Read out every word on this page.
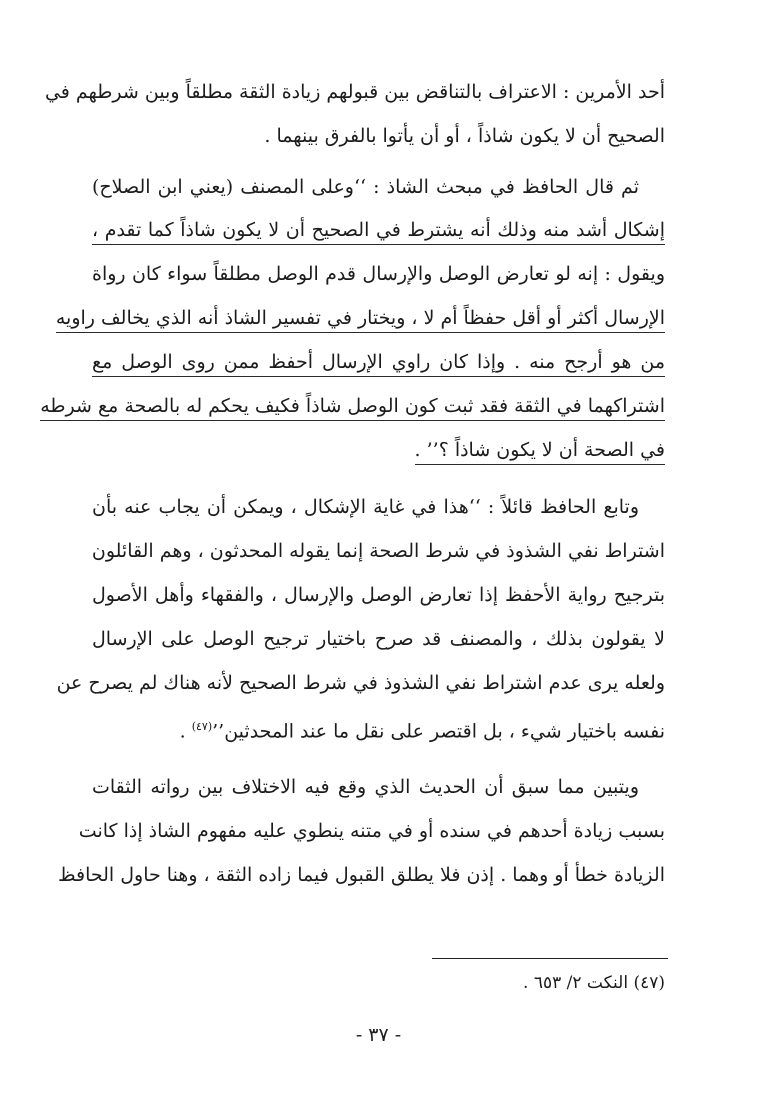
أحد الأمرين : الاعتراف بالتناقض بين قبولهم زيادة الثقة مطلقاً وبين شرطهم في
الصحيح أن لا يكون شاذاً ، أو أن يأتوا بالفرق بينهما .
ثم قال الحافظ في مبحث الشاذ : ‘‘وعلى المصنف (يعني ابن الصلاح)
إشكال أشد منه وذلك أنه يشترط في الصحيح أن لا يكون شاذاً كما تقدم ،
ويقول : إنه لو تعارض الوصل والإرسال قدم الوصل مطلقاً سواء كان رواة
الإرسال أكثر أو أقل حفظاً أم لا ، ويختار في تفسير الشاذ أنه الذي يخالف راويه
من هو أرجح منه . وإذا كان راوي الإرسال أحفظ ممن روى الوصل مع
اشتراكهما في الثقة فقد ثبت كون الوصل شاذاً فكيف يحكم له بالصحة مع شرطه
في الصحة أن لا يكون شاذاً ؟’’ .
وتابع الحافظ قائلاً : ‘‘هذا في غاية الإشكال ، ويمكن أن يجاب عنه بأن
اشتراط نفي الشذوذ في شرط الصحة إنما يقوله المحدثون ، وهم القائلون
بترجيح رواية الأحفظ إذا تعارض الوصل والإرسال ، والفقهاء وأهل الأصول
لا يقولون بذلك ، والمصنف قد صرح باختيار ترجيح الوصل على الإرسال
ولعله يرى عدم اشتراط نفي الشذوذ في شرط الصحيح لأنه هناك لم يصرح عن
نفسه باختيار شيء ، بل اقتصر على نقل ما عند المحدثين’’$^{(٤٧)}$ .
ويتبين مما سبق أن الحديث الذي وقع فيه الاختلاف بين رواته الثقات
بسبب زيادة أحدهم في سنده أو في متنه ينطوي عليه مفهوم الشاذ إذا كانت
الزيادة خطأ أو وهما . إذن فلا يطلق القبول فيما زاده الثقة ، وهنا حاول الحافظ
(٤٧) النكت ٢/ ٦٥٣ .
- ٣٧ -
